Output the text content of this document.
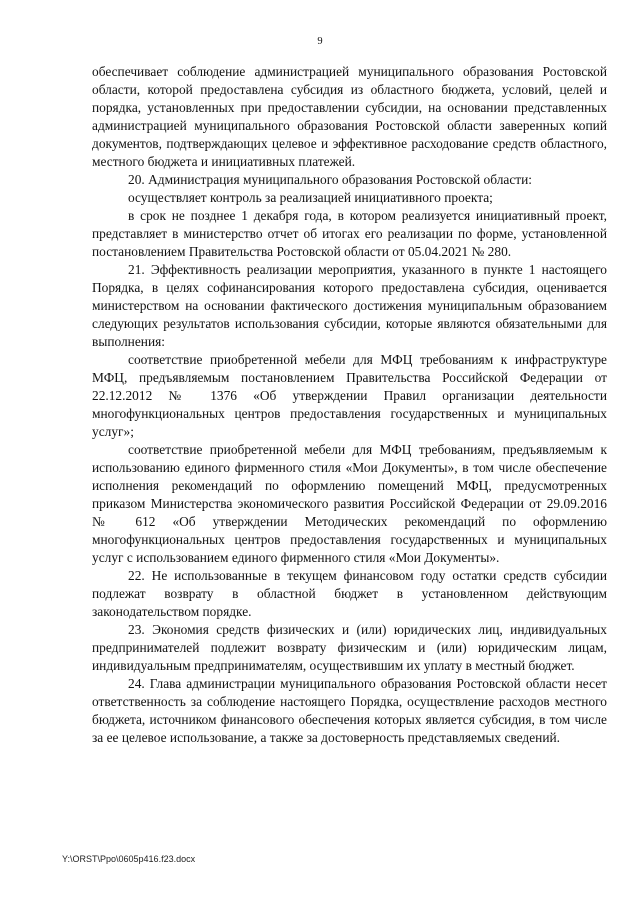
9

обеспечивает соблюдение администрацией муниципального образования Ростовской области, которой предоставлена субсидия из областного бюджета, условий, целей и порядка, установленных при предоставлении субсидии, на основании представленных администрацией муниципального образования Ростовской области заверенных копий документов, подтверждающих целевое и эффективное расходование средств областного, местного бюджета и инициативных платежей.

20. Администрация муниципального образования Ростовской области:

осуществляет контроль за реализацией инициативного проекта;

в срок не позднее 1 декабря года, в котором реализуется инициативный проект, представляет в министерство отчет об итогах его реализации по форме, установленной постановлением Правительства Ростовской области от 05.04.2021 № 280.

21. Эффективность реализации мероприятия, указанного в пункте 1 настоящего Порядка, в целях софинансирования которого предоставлена субсидия, оценивается министерством на основании фактического достижения муниципальным образованием следующих результатов использования субсидии, которые являются обязательными для выполнения:

соответствие приобретенной мебели для МФЦ требованиям к инфраструктуре МФЦ, предъявляемым постановлением Правительства Российской Федерации от 22.12.2012 № 1376 «Об утверждении Правил организации деятельности многофункциональных центров предоставления государственных и муниципальных услуг»;

соответствие приобретенной мебели для МФЦ требованиям, предъявляемым к использованию единого фирменного стиля «Мои Документы», в том числе обеспечение исполнения рекомендаций по оформлению помещений МФЦ, предусмотренных приказом Министерства экономического развития Российской Федерации от 29.09.2016 № 612 «Об утверждении Методических рекомендаций по оформлению многофункциональных центров предоставления государственных и муниципальных услуг с использованием единого фирменного стиля «Мои Документы».

22. Не использованные в текущем финансовом году остатки средств субсидии подлежат возврату в областной бюджет в установленном действующим законодательством порядке.

23. Экономия средств физических и (или) юридических лиц, индивидуальных предпринимателей подлежит возврату физическим и (или) юридическим лицам, индивидуальным предпринимателям, осуществившим их уплату в местный бюджет.

24. Глава администрации муниципального образования Ростовской области несет ответственность за соблюдение настоящего Порядка, осуществление расходов местного бюджета, источником финансового обеспечения которых является субсидия, в том числе за ее целевое использование, а также за достоверность представляемых сведений.

Y:\ORST\Ppo\0605p416.f23.docx
